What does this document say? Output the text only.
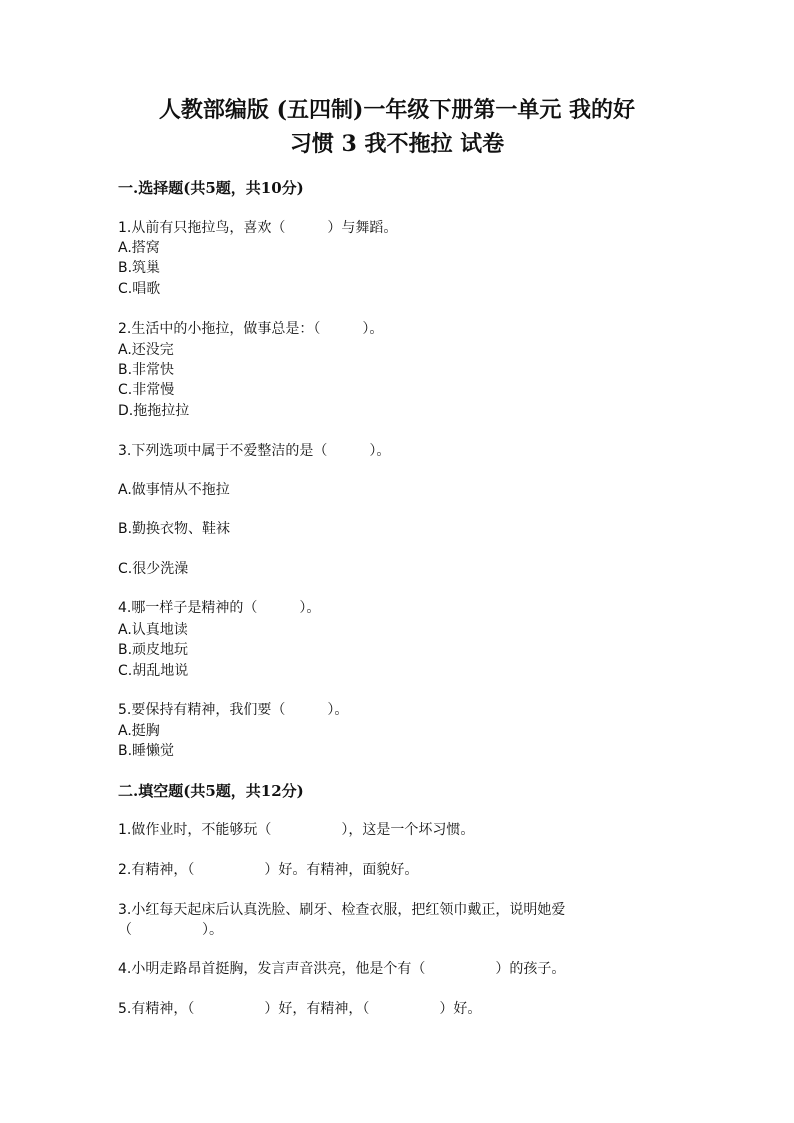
人教部编版 (五四制)一年级下册第一单元 我的好
习惯 3 我不拖拉 试卷
一.选择题(共5题，共10分)
1.从前有只拖拉鸟，喜欢（　　　）与舞蹈。
A.搭窝
B.筑巢
C.唱歌
2.生活中的小拖拉，做事总是：（　　　）。
A.还没完
B.非常快
C.非常慢
D.拖拖拉拉
3.下列选项中属于不爱整洁的是（　　　）。
A.做事情从不拖拉
B.勤换衣物、鞋袜
C.很少洗澡
4.哪一样子是精神的（　　　）。
A.认真地读
B.顽皮地玩
C.胡乱地说
5.要保持有精神，我们要（　　　）。
A.挺胸
B.睡懒觉
二.填空题(共5题，共12分)
1.做作业时，不能够玩（　　　　　），这是一个坏习惯。
2.有精神，（　　　　　）好。有精神，面貌好。
3.小红每天起床后认真洗脸、刷牙、检查衣服，把红领巾戴正，说明她爱
（　　　　　）。
4.小明走路昂首挺胸，发言声音洪亮，他是个有（　　　　　）的孩子。
5.有精神，（　　　　　）好，有精神，（　　　　　）好。
